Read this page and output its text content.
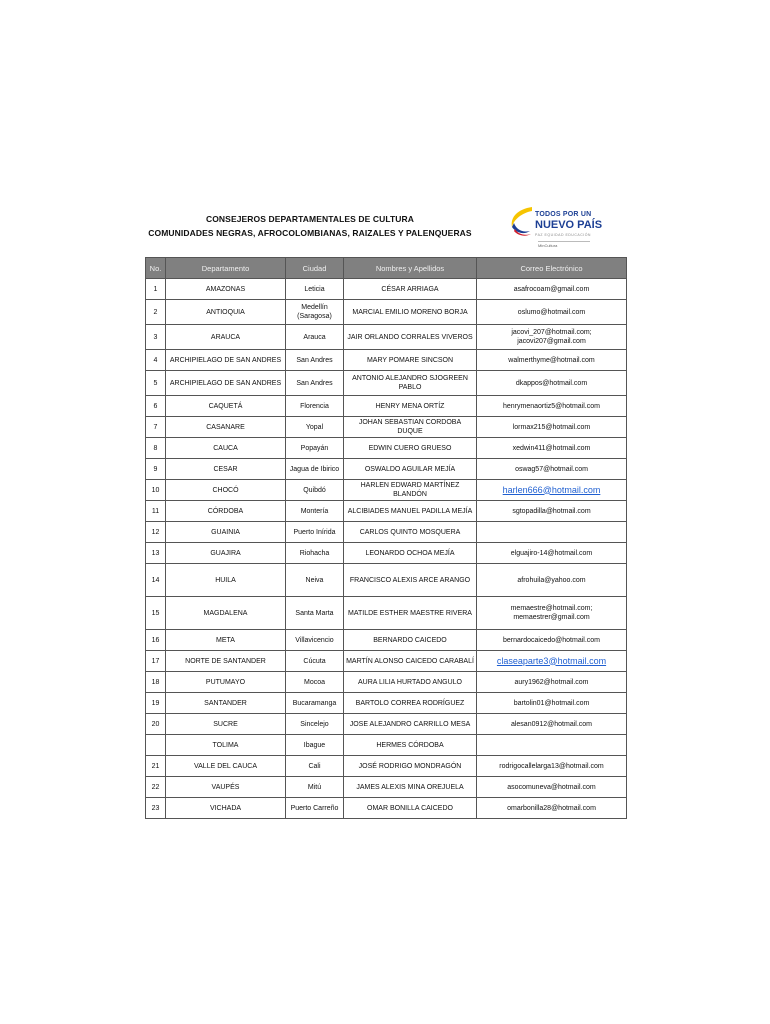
CONSEJEROS DEPARTAMENTALES DE CULTURA
COMUNIDADES NEGRAS, AFROCOLOMBIANAS, RAIZALES Y PALENQUERAS
TODOS POR UN
NUEVO PAÍS
PAZ EQUIDAD EDUCACIÓN
MinCultura
No.	Departamento	Ciudad	Nombres y Apellidos	Correo Electrónico
1	AMAZONAS	Leticia	CÉSAR ARRIAGA	asafrocoam@gmail.com
2	ANTIOQUIA	Medellín (Saragosa)	MARCIAL EMILIO MORENO BORJA	oslumo@hotmail.com
3	ARAUCA	Arauca	JAIR ORLANDO CORRALES VIVEROS	jacovi_207@hotmail.com; jacovi207@gmail.com
4	ARCHIPIELAGO DE SAN ANDRES	San Andres	MARY POMARE SINCSON	walmerthyme@hotmail.com
5	ARCHIPIELAGO DE SAN ANDRES	San Andres	ANTONIO ALEJANDRO SJOGREEN PABLO	dkappos@hotmail.com
6	CAQUETÁ	Florencia	HENRY MENA ORTÍZ	henrymenaortiz5@hotmail.com
7	CASANARE	Yopal	JOHAN SEBASTIAN CORDOBA DUQUE	lormax215@hotmail.com
8	CAUCA	Popayán	EDWIN CUERO GRUESO	xedwin411@hotmail.com
9	CESAR	Jagua de Ibirico	OSWALDO AGUILAR MEJÍA	oswag57@hotmail.com
10	CHOCÓ	Quibdó	HARLEN EDWARD MARTÍNEZ BLANDÓN	harlen666@hotmail.com
11	CÓRDOBA	Montería	ALCIBIADES MANUEL PADILLA MEJÍA	sgtopadilla@hotmail.com
12	GUAINIA	Puerto Inírida	CARLOS QUINTO MOSQUERA	
13	GUAJIRA	Riohacha	LEONARDO OCHOA MEJÍA	elguajiro-14@hotmail.com
14	HUILA	Neiva	FRANCISCO ALEXIS ARCE ARANGO	afrohuila@yahoo.com
15	MAGDALENA	Santa Marta	MATILDE ESTHER MAESTRE RIVERA	memaestre@hotmail.com; memaestrer@gmail.com
16	META	Villavicencio	BERNARDO CAICEDO	bernardocaicedo@hotmail.com
17	NORTE DE SANTANDER	Cúcuta	MARTÍN ALONSO CAICEDO CARABALÍ	claseaparte3@hotmail.com
18	PUTUMAYO	Mocoa	AURA LILIA HURTADO ANGULO	aury1962@hotmail.com
19	SANTANDER	Bucaramanga	BARTOLO CORREA RODRÍGUEZ	bartolin01@hotmail.com
20	SUCRE	Sincelejo	JOSE ALEJANDRO CARRILLO MESA	alesan0912@hotmail.com
	TOLIMA	Ibague	HERMES CÓRDOBA	
21	VALLE DEL CAUCA	Cali	JOSÉ RODRIGO MONDRAGÓN	rodrigocallelarga13@hotmail.com
22	VAUPÉS	Mitú	JAMES ALEXIS MINA OREJUELA	asocomuneva@hotmail.com
23	VICHADA	Puerto Carreño	OMAR BONILLA CAICEDO	omarbonilla28@hotmail.com
